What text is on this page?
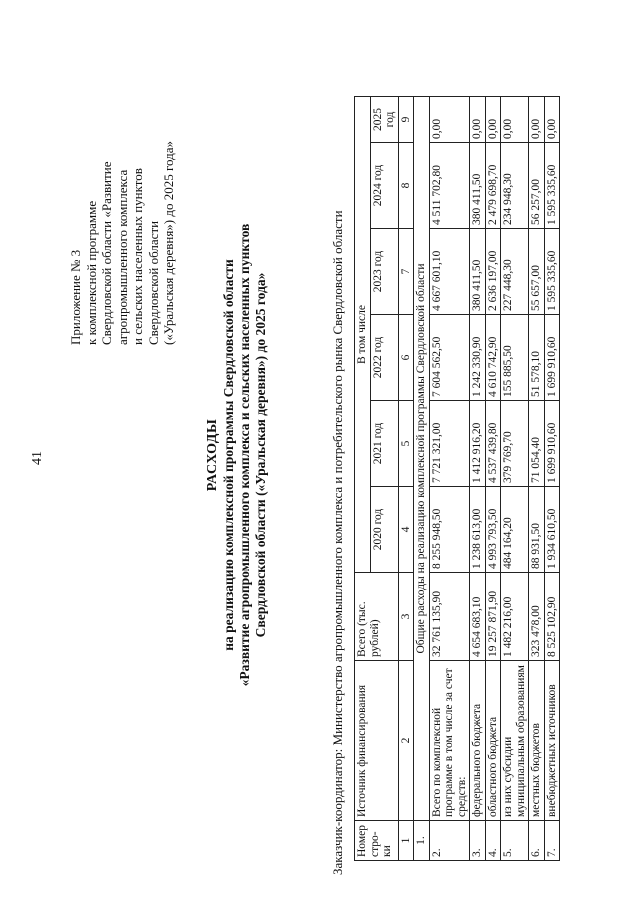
41
Приложение № 3 к комплексной программе Свердловской области «Развитие агропромышленного комплекса и сельских населенных пунктов Свердловской области («Уральская деревня») до 2025 года»
РАСХОДЫ на реализацию комплексной программы Свердловской области «Развитие агропромышленного комплекса и сельских населенных пунктов Свердловской области («Уральская деревня») до 2025 года»	Заказчик-координатор: Министерство агропромышленного комплекса и потребительского рынка Свердловской области Номер стро-ки	Источник финансирования	Всего (тыс. рублей)	В том числе					
			2020 год	2021 год	2022 год	2023 год	2024 год	2025 год
1	2	3	4	5	6	7	8	9
1.	Общие расходы на реализацию комплексной программы Свердловской области							
2.	Всего по комплексной программе в том числе за счет средств:	32 761 135,90	8 255 948,50	7 721 321,00	7 604 562,50	4 667 601,10	4 511 702,80	0,00
3.	федерального бюджета	4 654 683,10	1 238 613,00	1 412 916,20	1 242 330,90	380 411,50	380 411,50	0,00
4.	областного бюджета	19 257 871,90	4 993 793,50	4 537 439,80	4 610 742,90	2 636 197,00	2 479 698,70	0,00
5.	из них субсидии муниципальным образованиям	1 482 216,00	484 164,20	379 769,70	155 885,50	227 448,30	234 948,30	0,00
6.	местных бюджетов	323 478,00	88 931,50	71 054,40	51 578,10	55 657,00	56 257,00	0,00
7.	внебюджетных источников	8 525 102,90	1 934 610,50	1 699 910,60	1 699 910,60	1 595 335,60	1 595 335,60	0,00
